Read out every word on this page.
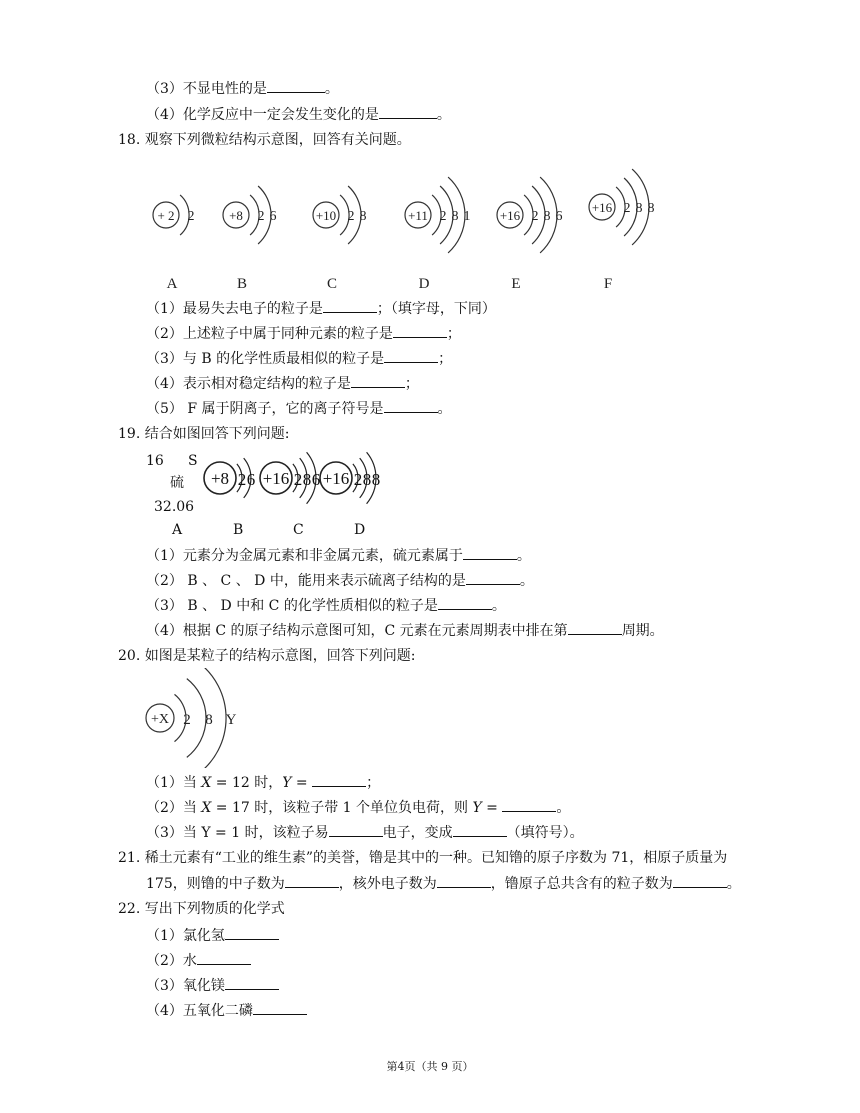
（3）不显电性的是	。
（4）化学反应中一定会发生变化的是	。
18. 观察下列微粒结构示意图，回答有关问题。
+ 2 2
A
+8 2 6
B
+10 2 8
C
+11 2 8 1
D
+16 2 8 6
E
+16 2 8 8
F
（1）最易失去电子的粒子是	；（填字母，下同）
（2）上述粒子中属于同种元素的粒子是	；
（3）与 B 的化学性质最相似的粒子是	；
（4）表示相对稳定结构的粒子是	；
（5） F 属于阴离子，它的离子符号是	。
19. 结合如图回答下列问题:
16 S
硫
32.06
+8 2 6 +16 2 8 6 +16 2 8 8
A	B	C	D
（1）元素分为金属元素和非金属元素，硫元素属于	。
（2） B 、 C 、 D 中，能用来表示硫离子结构的是	。
（3） B 、 D 中和 C 的化学性质相似的粒子是	。
（4）根据 C 的原子结构示意图可知，C 元素在元素周期表中排在第	周期。
20. 如图是某粒子的结构示意图，回答下列问题:
+X 2 8 Y
（1）当 X = 12 时，Y =	；
（2）当 X = 17 时，该粒子带 1 个单位负电荷，则 Y =	。
（3）当 Y = 1 时，该粒子易	电子，变成	（填符号）。
21. 稀土元素有“工业的维生素”的美誉，镥是其中的一种。已知镥的原子序数为 71，相原子质量为
175，则镥的中子数为	，核外电子数为	，镥原子总共含有的粒子数为	。
22. 写出下列物质的化学式
（1）氯化氢
（2）水
（3）氧化镁
（4）五氧化二磷
第4页（共 9 页）
